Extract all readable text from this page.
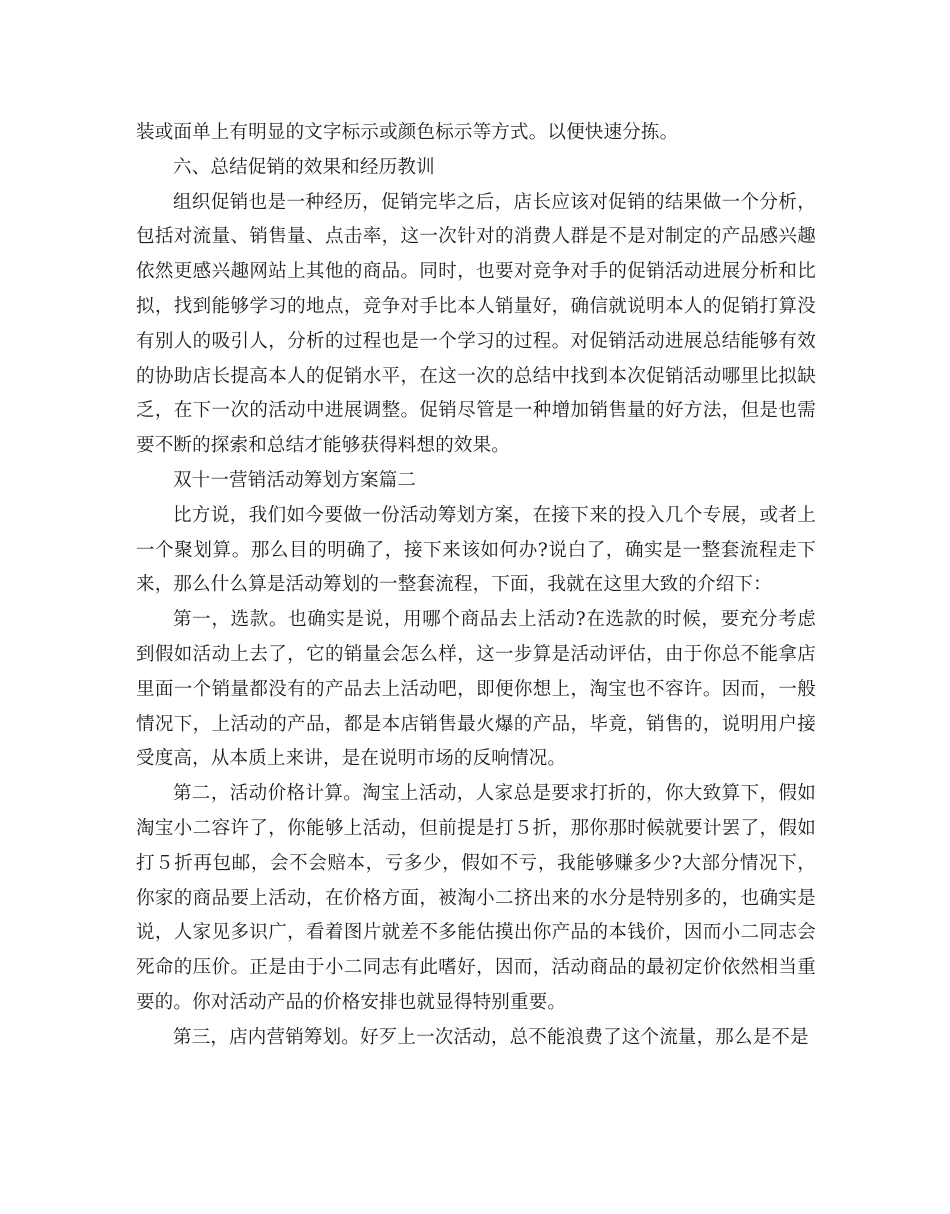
装或面单上有明显的文字标示或颜色标示等方式。以便快速分拣。

六、总结促销的效果和经历教训

组织促销也是一种经历，促销完毕之后，店长应该对促销的结果做一个分析，包括对流量、销售量、点击率，这一次针对的消费人群是不是对制定的产品感兴趣依然更感兴趣网站上其他的商品。同时，也要对竞争对手的促销活动进展分析和比拟，找到能够学习的地点，竞争对手比本人销量好，确信就说明本人的促销打算没有别人的吸引人，分析的过程也是一个学习的过程。对促销活动进展总结能够有效的协助店长提高本人的促销水平，在这一次的总结中找到本次促销活动哪里比拟缺乏，在下一次的活动中进展调整。促销尽管是一种增加销售量的好方法，但是也需要不断的探索和总结才能够获得料想的效果。

双十一营销活动筹划方案篇二

比方说，我们如今要做一份活动筹划方案，在接下来的投入几个专展，或者上一个聚划算。那么目的明确了，接下来该如何办?说白了，确实是一整套流程走下来，那么什么算是活动筹划的一整套流程，下面，我就在这里大致的介绍下：

第一，选款。也确实是说，用哪个商品去上活动?在选款的时候，要充分考虑到假如活动上去了，它的销量会怎么样，这一步算是活动评估，由于你总不能拿店里面一个销量都没有的产品去上活动吧，即便你想上，淘宝也不容许。因而，一般情况下，上活动的产品，都是本店销售最火爆的产品，毕竟，销售的，说明用户接受度高，从本质上来讲，是在说明市场的反响情况。

第二，活动价格计算。淘宝上活动，人家总是要求打折的，你大致算下，假如淘宝小二容许了，你能够上活动，但前提是打５折，那你那时候就要计罢了，假如打５折再包邮，会不会赔本，亏多少，假如不亏，我能够赚多少?大部分情况下，你家的商品要上活动，在价格方面，被淘小二挤出来的水分是特别多的，也确实是说，人家见多识广，看着图片就差不多能估摸出你产品的本钱价，因而小二同志会死命的压价。正是由于小二同志有此嗜好，因而，活动商品的最初定价依然相当重要的。你对活动产品的价格安排也就显得特别重要。

第三，店内营销筹划。好歹上一次活动，总不能浪费了这个流量，那么是不是
